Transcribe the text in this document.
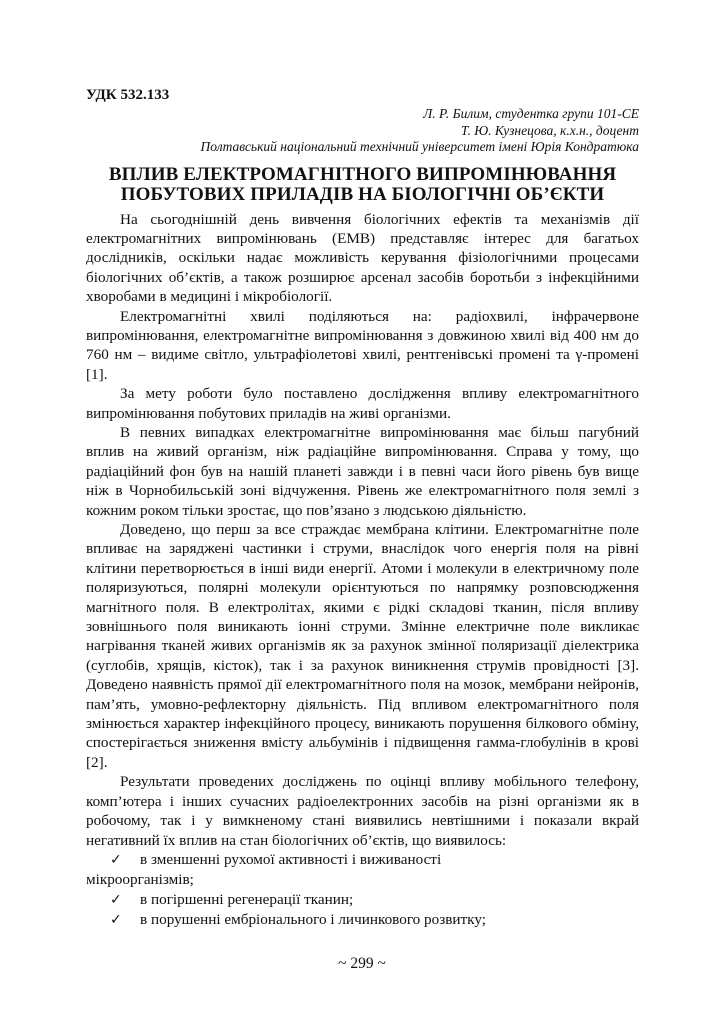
УДК 532.133
Л. Р. Билим, студентка групи 101-СЕ
Т. Ю. Кузнецова, к.х.н., доцент
Полтавський національний технічний університет імені Юрія Кондратюка
ВПЛИВ ЕЛЕКТРОМАГНІТНОГО ВИПРОМІНЮВАННЯ
ПОБУТОВИХ ПРИЛАДІВ НА БІОЛОГІЧНІ ОБ’ЄКТИ

На сьогоднішній день вивчення біологічних ефектів та механізмів дії електромагнітних випромінювань (ЕМВ) представляє інтерес для багатьох дослідників, оскільки надає можливість керування фізіологічними процесами біологічних об’єктів, а також розширює арсенал засобів боротьби з інфекційними хворобами в медицині і мікробіології.

Електромагнітні хвилі поділяються на: радіохвилі, інфрачервоне випромінювання, електромагнітне випромінювання з довжиною хвилі від 400 нм до 760 нм – видиме світло, ультрафіолетові хвилі, рентгенівські промені та γ-промені [1].

За мету роботи було поставлено дослідження впливу електромагнітного випромінювання побутових приладів на живі організми.

В певних випадках електромагнітне випромінювання має більш пагубний вплив на живий організм, ніж радіаційне випромінювання. Справа у тому, що радіаційний фон був на нашій планеті завжди і в певні часи його рівень був вище ніж в Чорнобильській зоні відчуження. Рівень же електромагнітного поля землі з кожним роком тільки зростає, що пов’язано з людською діяльністю.

Доведено, що перш за все страждає мембрана клітини. Електромагнітне поле впливає на заряджені частинки і струми, внаслідок чого енергія поля на рівні клітини перетворюється в інші види енергії. Атоми і молекули в електричному поле поляризуються, полярні молекули орієнтуються по напрямку розповсюдження магнітного поля. В електролітах, якими є рідкі складові тканин, після впливу зовнішнього поля виникають іонні струми. Змінне електричне поле викликає нагрівання тканей живих організмів як за рахунок змінної поляризації діелектрика (суглобів, хрящів, кісток), так і за рахунок виникнення струмів провідності [3]. Доведено наявність прямої дії електромагнітного поля на мозок, мембрани нейронів, пам’ять, умовно-рефлекторну діяльність. Під впливом електромагнітного поля змінюється характер інфекційного процесу, виникають порушення білкового обміну, спостерігається зниження вмісту альбумінів і підвищення гамма-глобулінів в крові [2].

Результати проведених досліджень по оцінці впливу мобільного телефону, комп’ютера і інших сучасних радіоелектронних засобів на різні організми як в робочому, так і у вимкненому стані виявились невтішними і показали вкрай негативний їх вплив на стан біологічних об’єктів, що виявилось:

✓ в зменшенні рухомої активності і виживаності
мікроорганізмів;
✓ в погіршенні регенерації тканин;
✓ в порушенні ембріонального і личинкового розвитку;
~ 299 ~
